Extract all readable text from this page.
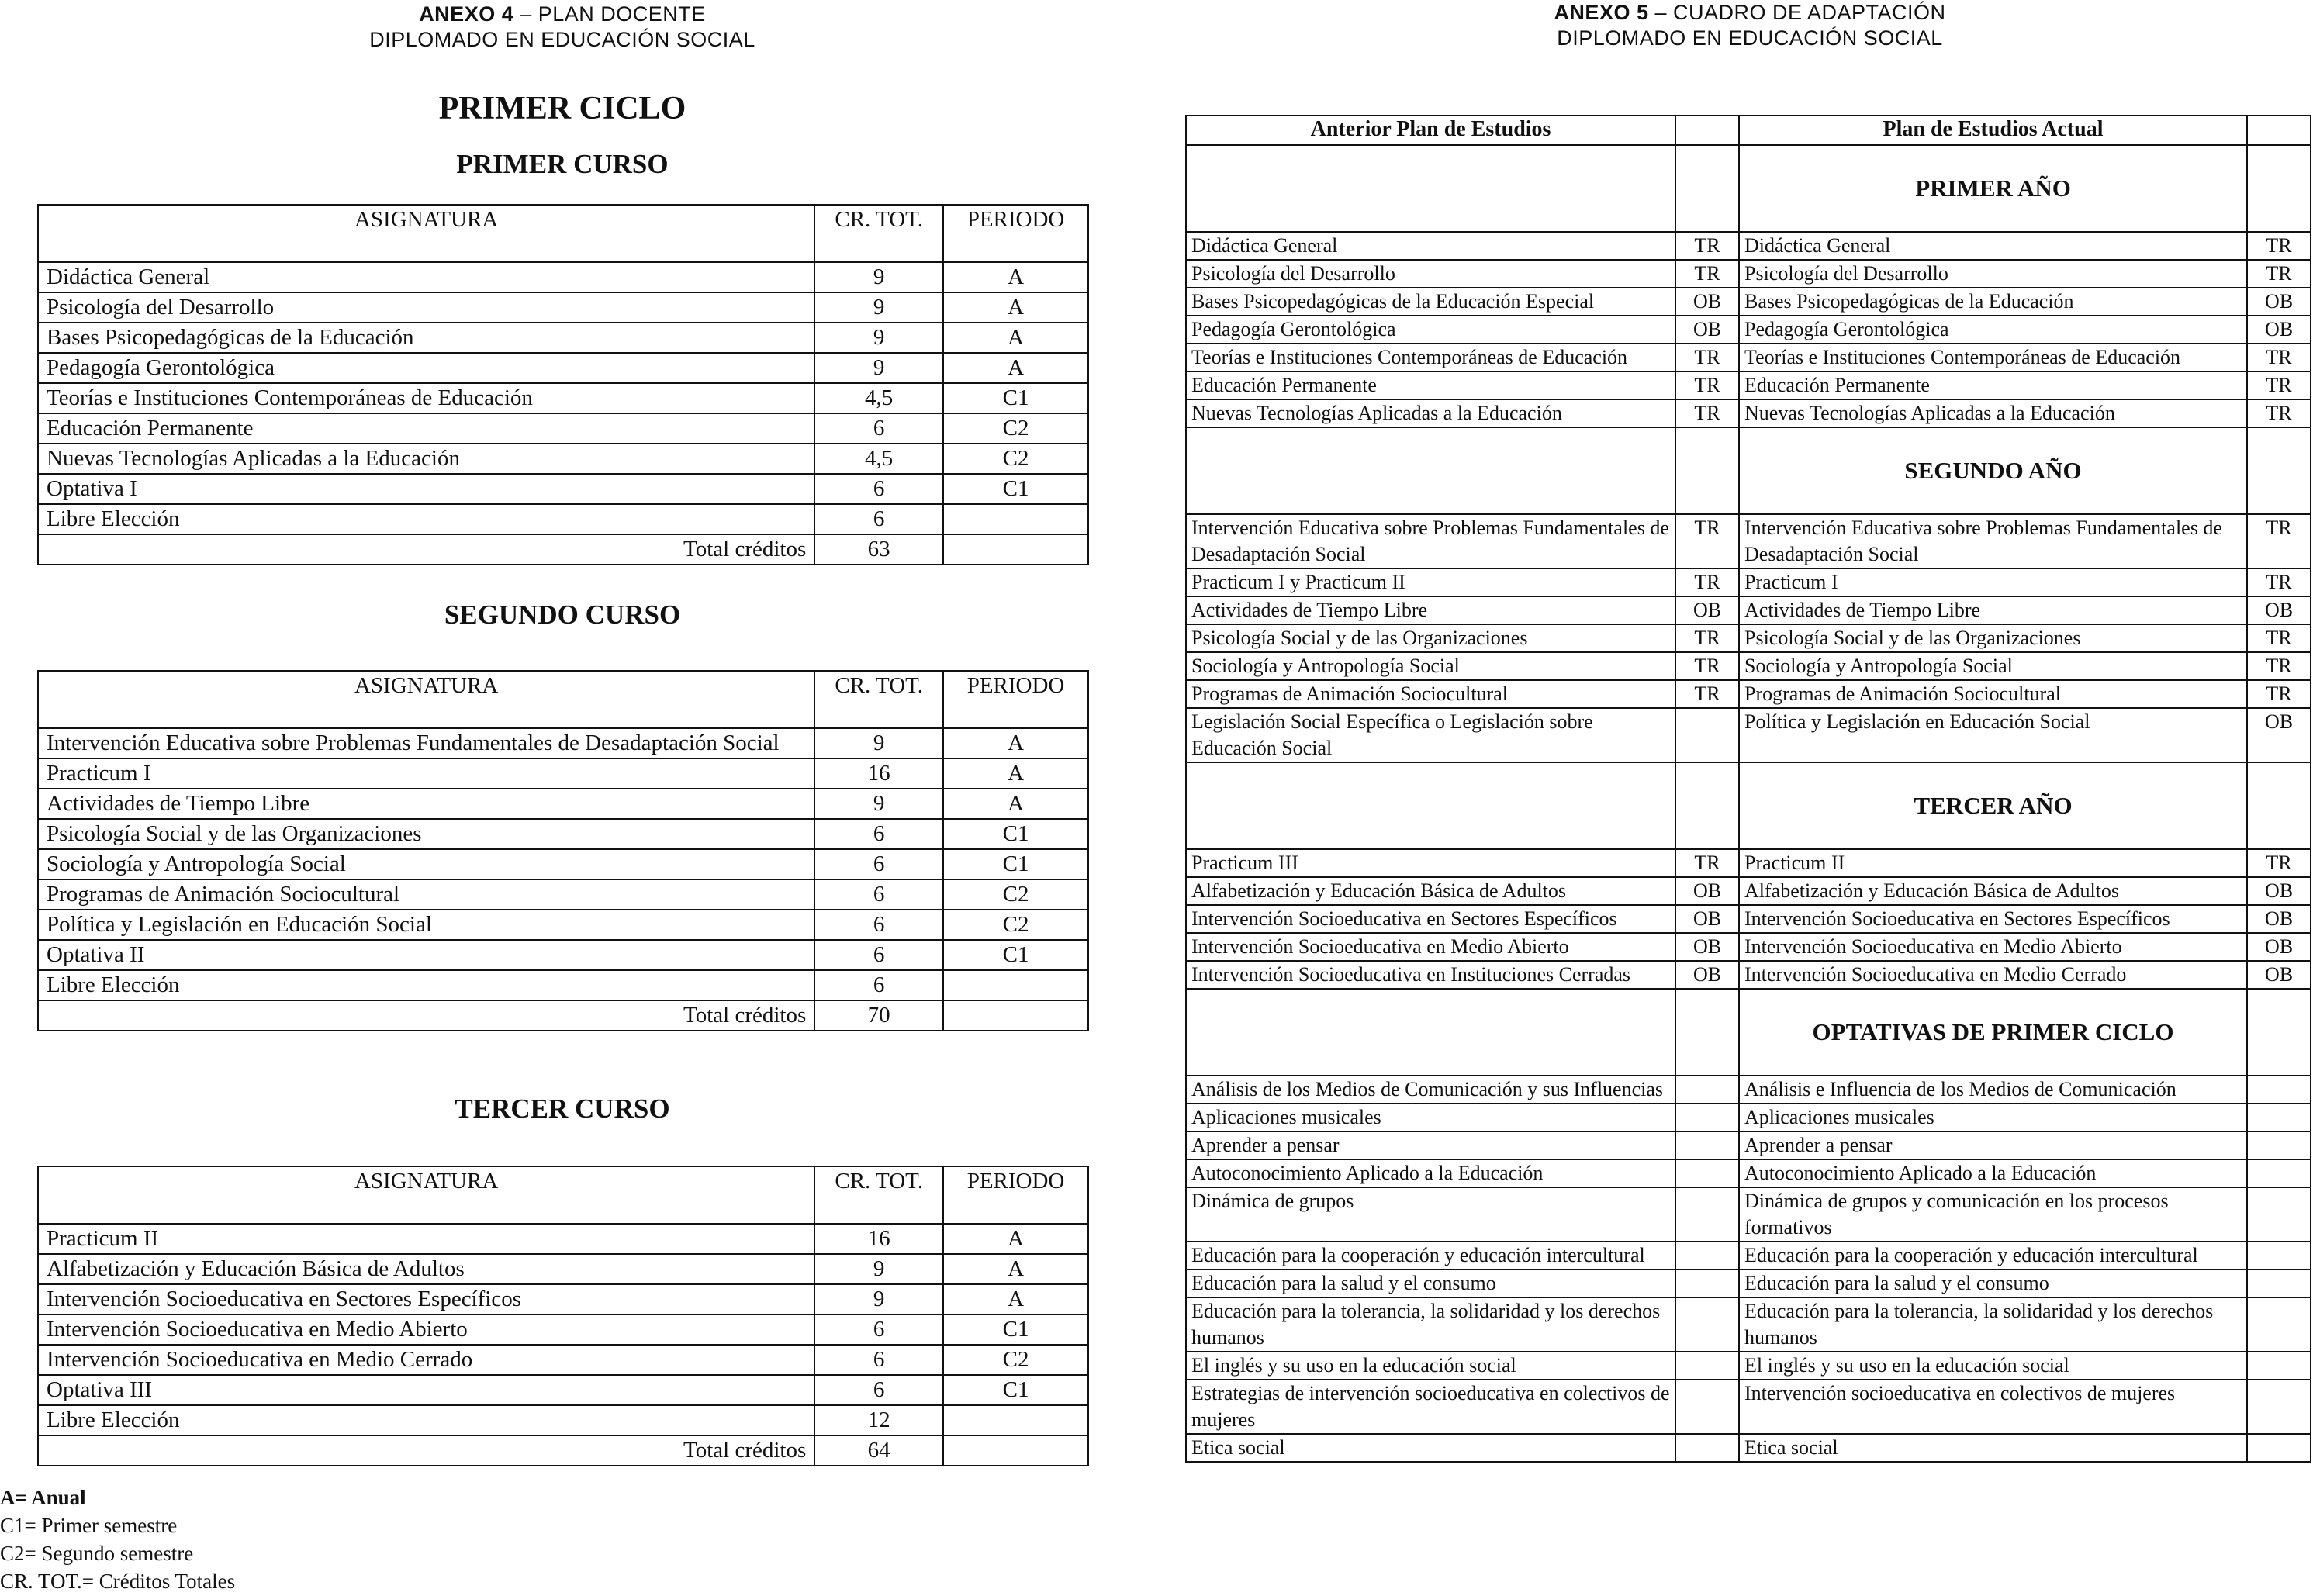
ANEXO 4 – PLAN DOCENTE
DIPLOMADO EN EDUCACIÓN SOCIAL
PRIMER CICLO
PRIMER CURSO
ASIGNATURA	CR. TOT.	PERIODO
Didáctica General	9	A
Psicología del Desarrollo	9	A
Bases Psicopedagógicas de la Educación	9	A
Pedagogía Gerontológica	9	A
Teorías e Instituciones Contemporáneas de Educación	4,5	C1
Educación Permanente	6	C2
Nuevas Tecnologías Aplicadas a la Educación	4,5	C2
Optativa I	6	C1
Libre Elección	6	
Total créditos	63	
SEGUNDO CURSO
ASIGNATURA	CR. TOT.	PERIODO
Intervención Educativa sobre Problemas Fundamentales de Desadaptación Social	9	A
Practicum I	16	A
Actividades de Tiempo Libre	9	A
Psicología Social y de las Organizaciones	6	C1
Sociología y Antropología Social	6	C1
Programas de Animación Sociocultural	6	C2
Política y Legislación en Educación Social	6	C2
Optativa II	6	C1
Libre Elección	6	
Total créditos	70	
TERCER CURSO
ASIGNATURA	CR. TOT.	PERIODO
Practicum II	16	A
Alfabetización y Educación Básica de Adultos	9	A
Intervención Socioeducativa en Sectores Específicos	9	A
Intervención Socioeducativa en Medio Abierto	6	C1
Intervención Socioeducativa en Medio Cerrado	6	C2
Optativa III	6	C1
Libre Elección	12	
Total créditos	64	
A= Anual
C1= Primer semestre
C2= Segundo semestre
CR. TOT.= Créditos Totales
ANEXO 5 – CUADRO DE ADAPTACIÓN
DIPLOMADO EN EDUCACIÓN SOCIAL
Anterior Plan de Estudios		Plan de Estudios Actual	
		PRIMER AÑO	
Didáctica General	TR	Didáctica General	TR
Psicología del Desarrollo	TR	Psicología del Desarrollo	TR
Bases Psicopedagógicas de la Educación Especial	OB	Bases Psicopedagógicas de la Educación	OB
Pedagogía Gerontológica	OB	Pedagogía Gerontológica	OB
Teorías e Instituciones Contemporáneas de Educación	TR	Teorías e Instituciones Contemporáneas de Educación	TR
Educación Permanente	TR	Educación Permanente	TR
Nuevas Tecnologías Aplicadas a la Educación	TR	Nuevas Tecnologías Aplicadas a la Educación	TR
		SEGUNDO AÑO	
Intervención Educativa sobre Problemas Fundamentales de Desadaptación Social	TR	Intervención Educativa sobre Problemas Fundamentales de Desadaptación Social	TR
Practicum I y Practicum II	TR	Practicum I	TR
Actividades de Tiempo Libre	OB	Actividades de Tiempo Libre	OB
Psicología Social y de las Organizaciones	TR	Psicología Social y de las Organizaciones	TR
Sociología y Antropología Social	TR	Sociología y Antropología Social	TR
Programas de Animación Sociocultural	TR	Programas de Animación Sociocultural	TR
Legislación Social Específica o Legislación sobre Educación Social		Política y Legislación en Educación Social	OB
		TERCER AÑO	
Practicum III	TR	Practicum II	TR
Alfabetización y Educación Básica de Adultos	OB	Alfabetización y Educación Básica de Adultos	OB
Intervención Socioeducativa en Sectores Específicos	OB	Intervención Socioeducativa en Sectores Específicos	OB
Intervención Socioeducativa en Medio Abierto	OB	Intervención Socioeducativa en Medio Abierto	OB
Intervención Socioeducativa en Instituciones Cerradas	OB	Intervención Socioeducativa en Medio Cerrado	OB
		OPTATIVAS DE PRIMER CICLO	
Análisis de los Medios de Comunicación y sus Influencias		Análisis e Influencia de los Medios de Comunicación	
Aplicaciones musicales		Aplicaciones musicales	
Aprender a pensar		Aprender a pensar	
Autoconocimiento Aplicado a la Educación		Autoconocimiento Aplicado a la Educación	
Dinámica de grupos		Dinámica de grupos y comunicación en los procesos formativos	
Educación para la cooperación y educación intercultural		Educación para la cooperación y educación intercultural	
Educación para la salud y el consumo		Educación para la salud y el consumo	
Educación para la tolerancia, la solidaridad y los derechos humanos		Educación para la tolerancia, la solidaridad y los derechos humanos	
El inglés y su uso en la educación social		El inglés y su uso en la educación social	
Estrategias de intervención socioeducativa en colectivos de mujeres		Intervención socioeducativa en colectivos de mujeres	
Etica social		Etica social	
